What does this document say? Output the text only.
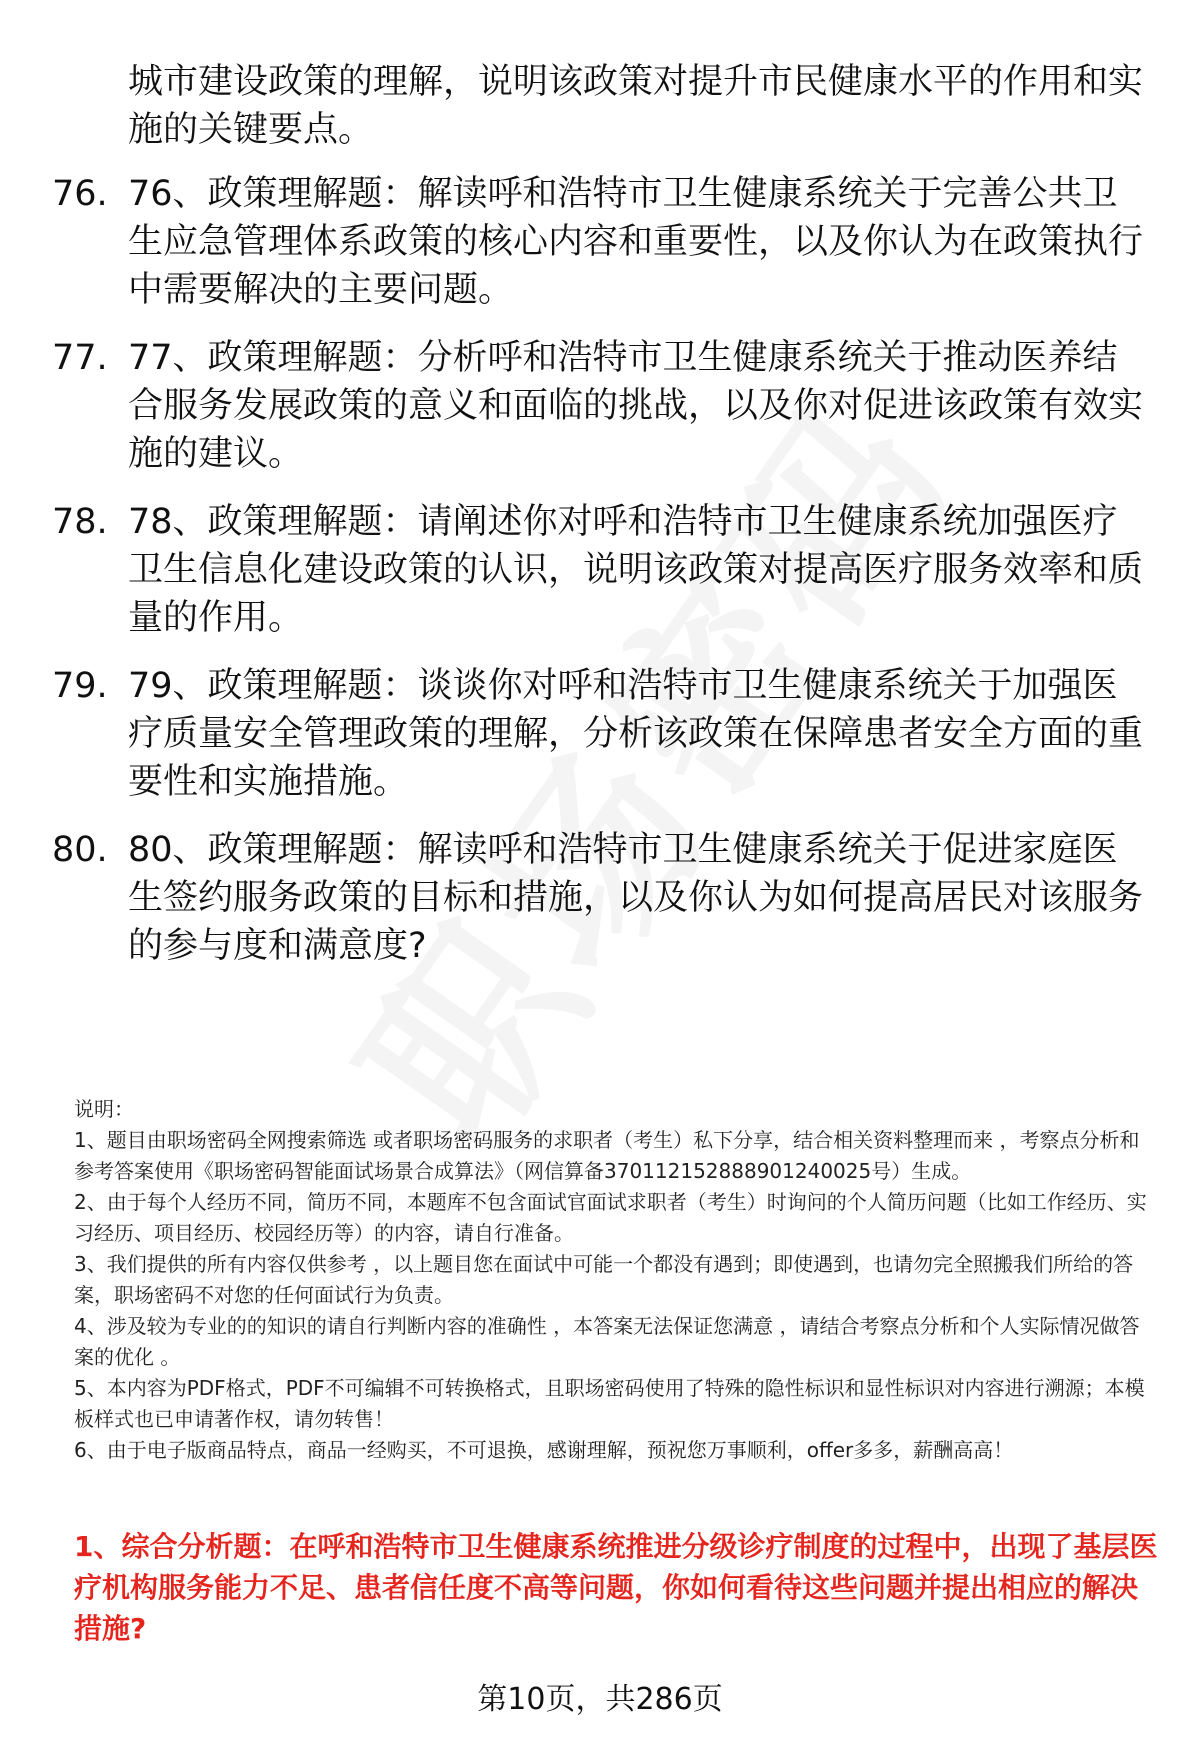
城市建设政策的理解，说明该政策对提升市民健康水平的作用和实施的关键要点。
76. 76、政策理解题：解读呼和浩特市卫生健康系统关于完善公共卫生应急管理体系政策的核心内容和重要性，以及你认为在政策执行中需要解决的主要问题。
77. 77、政策理解题：分析呼和浩特市卫生健康系统关于推动医养结合服务发展政策的意义和面临的挑战，以及你对促进该政策有效实施的建议。
78. 78、政策理解题：请阐述你对呼和浩特市卫生健康系统加强医疗卫生信息化建设政策的认识，说明该政策对提高医疗服务效率和质量的作用。
79. 79、政策理解题：谈谈你对呼和浩特市卫生健康系统关于加强医疗质量安全管理政策的理解，分析该政策在保障患者安全方面的重要性和实施措施。
80. 80、政策理解题：解读呼和浩特市卫生健康系统关于促进家庭医生签约服务政策的目标和措施，以及你认为如何提高居民对该服务的参与度和满意度?

说明：

1、题目由职场密码全网搜索筛选 或者职场密码服务的求职者（考生）私下分享，结合相关资料整理而来 ，考察点分析和参考答案使用《职场密码智能面试场景合成算法》（网信算备370112152888901240025号）生成。

2、由于每个人经历不同，简历不同，本题库不包含面试官面试求职者（考生）时询问的个人简历问题（比如工作经历、实习经历、项目经历、校园经历等）的内容，请自行准备。

3、我们提供的所有内容仅供参考 ，以上题目您在面试中可能一个都没有遇到；即使遇到，也请勿完全照搬我们所给的答案，职场密码不对您的任何面试行为负责。

4、涉及较为专业的的知识的请自行判断内容的准确性 ，本答案无法保证您满意 ，请结合考察点分析和个人实际情况做答案的优化 。

5、本内容为PDF格式，PDF不可编辑不可转换格式，且职场密码使用了特殊的隐性标识和显性标识对内容进行溯源；本模板样式也已申请著作权，请勿转售！

6、由于电子版商品特点，商品一经购买，不可退换，感谢理解，预祝您万事顺利，offer多多，薪酬高高！

1、综合分析题：在呼和浩特市卫生健康系统推进分级诊疗制度的过程中，出现了基层医疗机构服务能力不足、患者信任度不高等问题，你如何看待这些问题并提出相应的解决措施?
第10页，共286页
